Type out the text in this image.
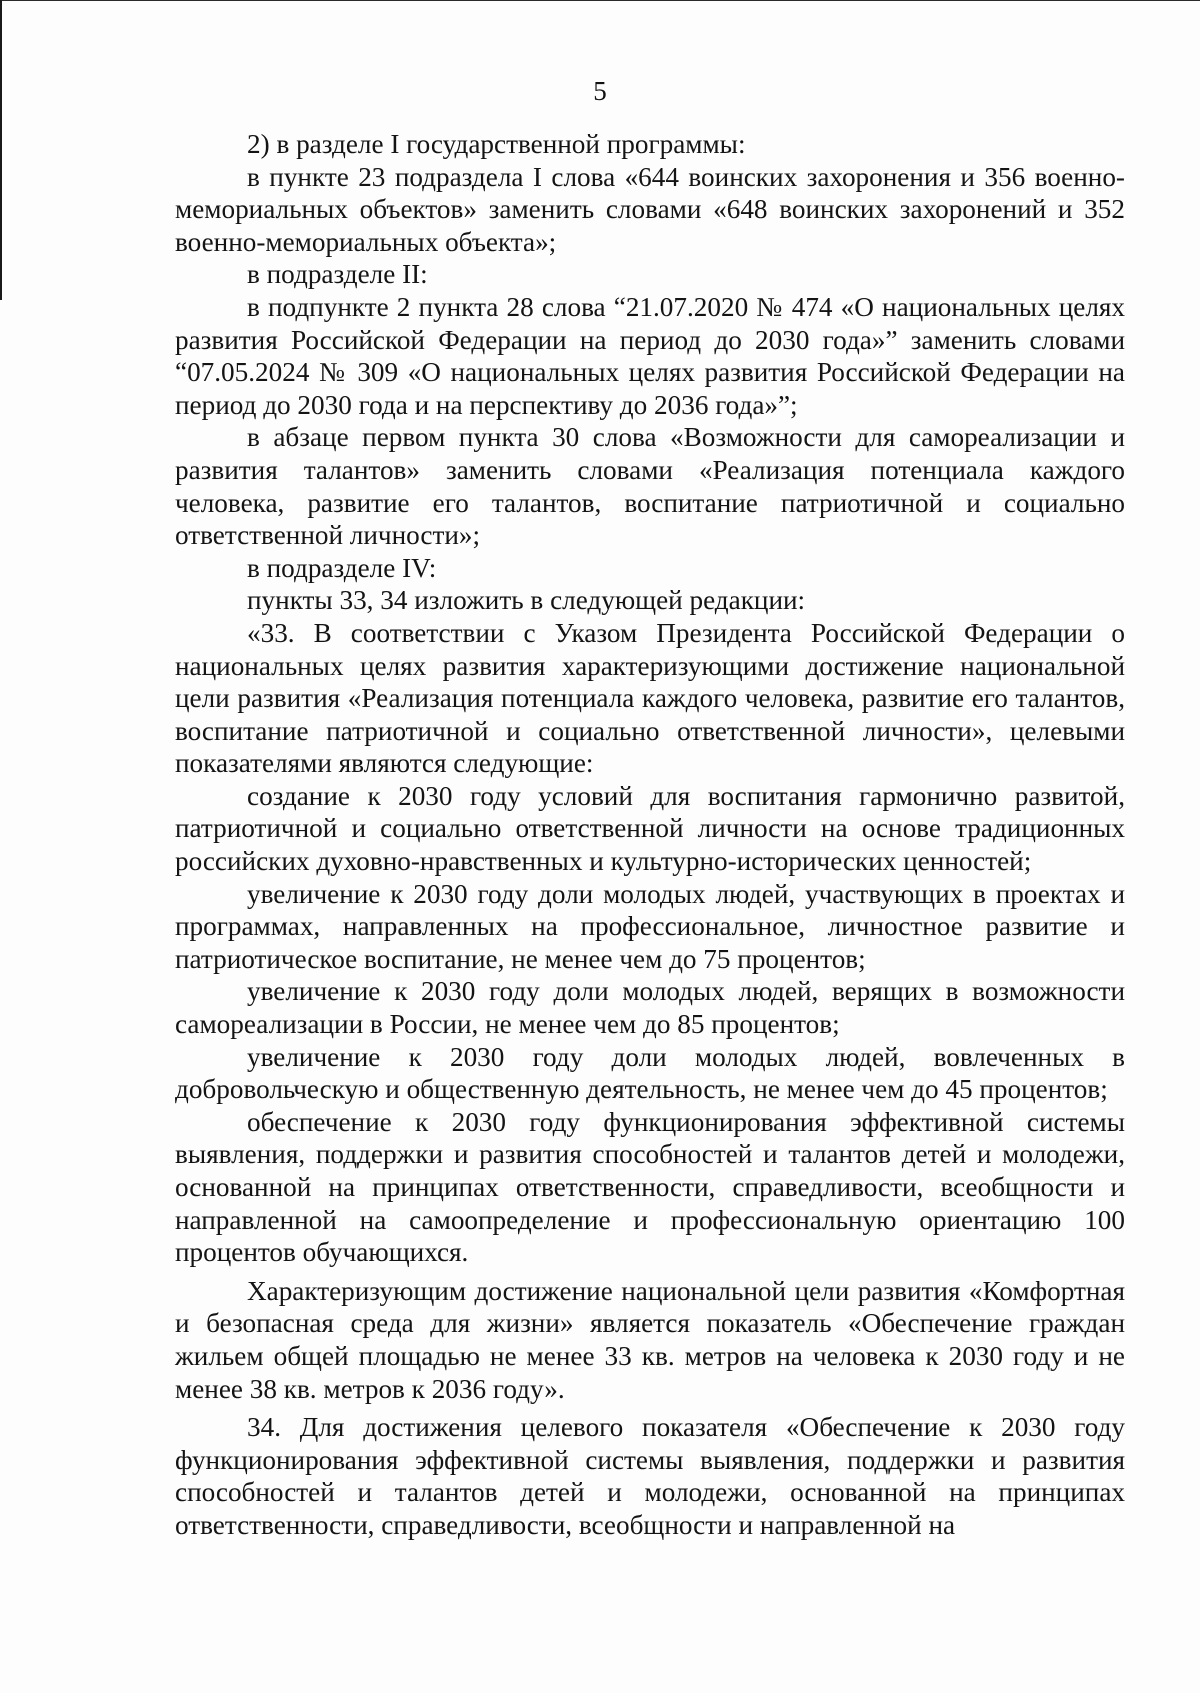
5

2) в разделе I государственной программы:

в пункте 23 подраздела I слова «644 воинских захоронения и 356 военно-мемориальных объектов» заменить словами «648 воинских захоронений и 352 военно-мемориальных объекта»;

в подразделе II:

в подпункте 2 пункта 28 слова “21.07.2020 № 474 «О национальных целях развития Российской Федерации на период до 2030 года»” заменить словами “07.05.2024 № 309 «О национальных целях развития Российской Федерации на период до 2030 года и на перспективу до 2036 года»”;

в абзаце первом пункта 30 слова «Возможности для самореализации и развития талантов» заменить словами «Реализация потенциала каждого человека, развитие его талантов, воспитание патриотичной и социально ответственной личности»;

в подразделе IV:

пункты 33, 34 изложить в следующей редакции:

«33. В соответствии с Указом Президента Российской Федерации о национальных целях развития характеризующими достижение национальной цели развития «Реализация потенциала каждого человека, развитие его талантов, воспитание патриотичной и социально ответственной личности», целевыми показателями являются следующие:

создание к 2030 году условий для воспитания гармонично развитой, патриотичной и социально ответственной личности на основе традиционных российских духовно-нравственных и культурно-исторических ценностей;

увеличение к 2030 году доли молодых людей, участвующих в проектах и программах, направленных на профессиональное, личностное развитие и патриотическое воспитание, не менее чем до 75 процентов;

увеличение к 2030 году доли молодых людей, верящих в возможности самореализации в России, не менее чем до 85 процентов;

увеличение к 2030 году доли молодых людей, вовлеченных в добровольческую и общественную деятельность, не менее чем до 45 процентов;

обеспечение к 2030 году функционирования эффективной системы выявления, поддержки и развития способностей и талантов детей и молодежи, основанной на принципах ответственности, справедливости, всеобщности и направленной на самоопределение и профессиональную ориентацию 100 процентов обучающихся.

Характеризующим достижение национальной цели развития «Комфортная и безопасная среда для жизни» является показатель «Обеспечение граждан жильем общей площадью не менее 33 кв. метров на человека к 2030 году и не менее 38 кв. метров к 2036 году».

34. Для достижения целевого показателя «Обеспечение к 2030 году функционирования эффективной системы выявления, поддержки и развития способностей и талантов детей и молодежи, основанной на принципах ответственности, справедливости, всеобщности и направленной на
